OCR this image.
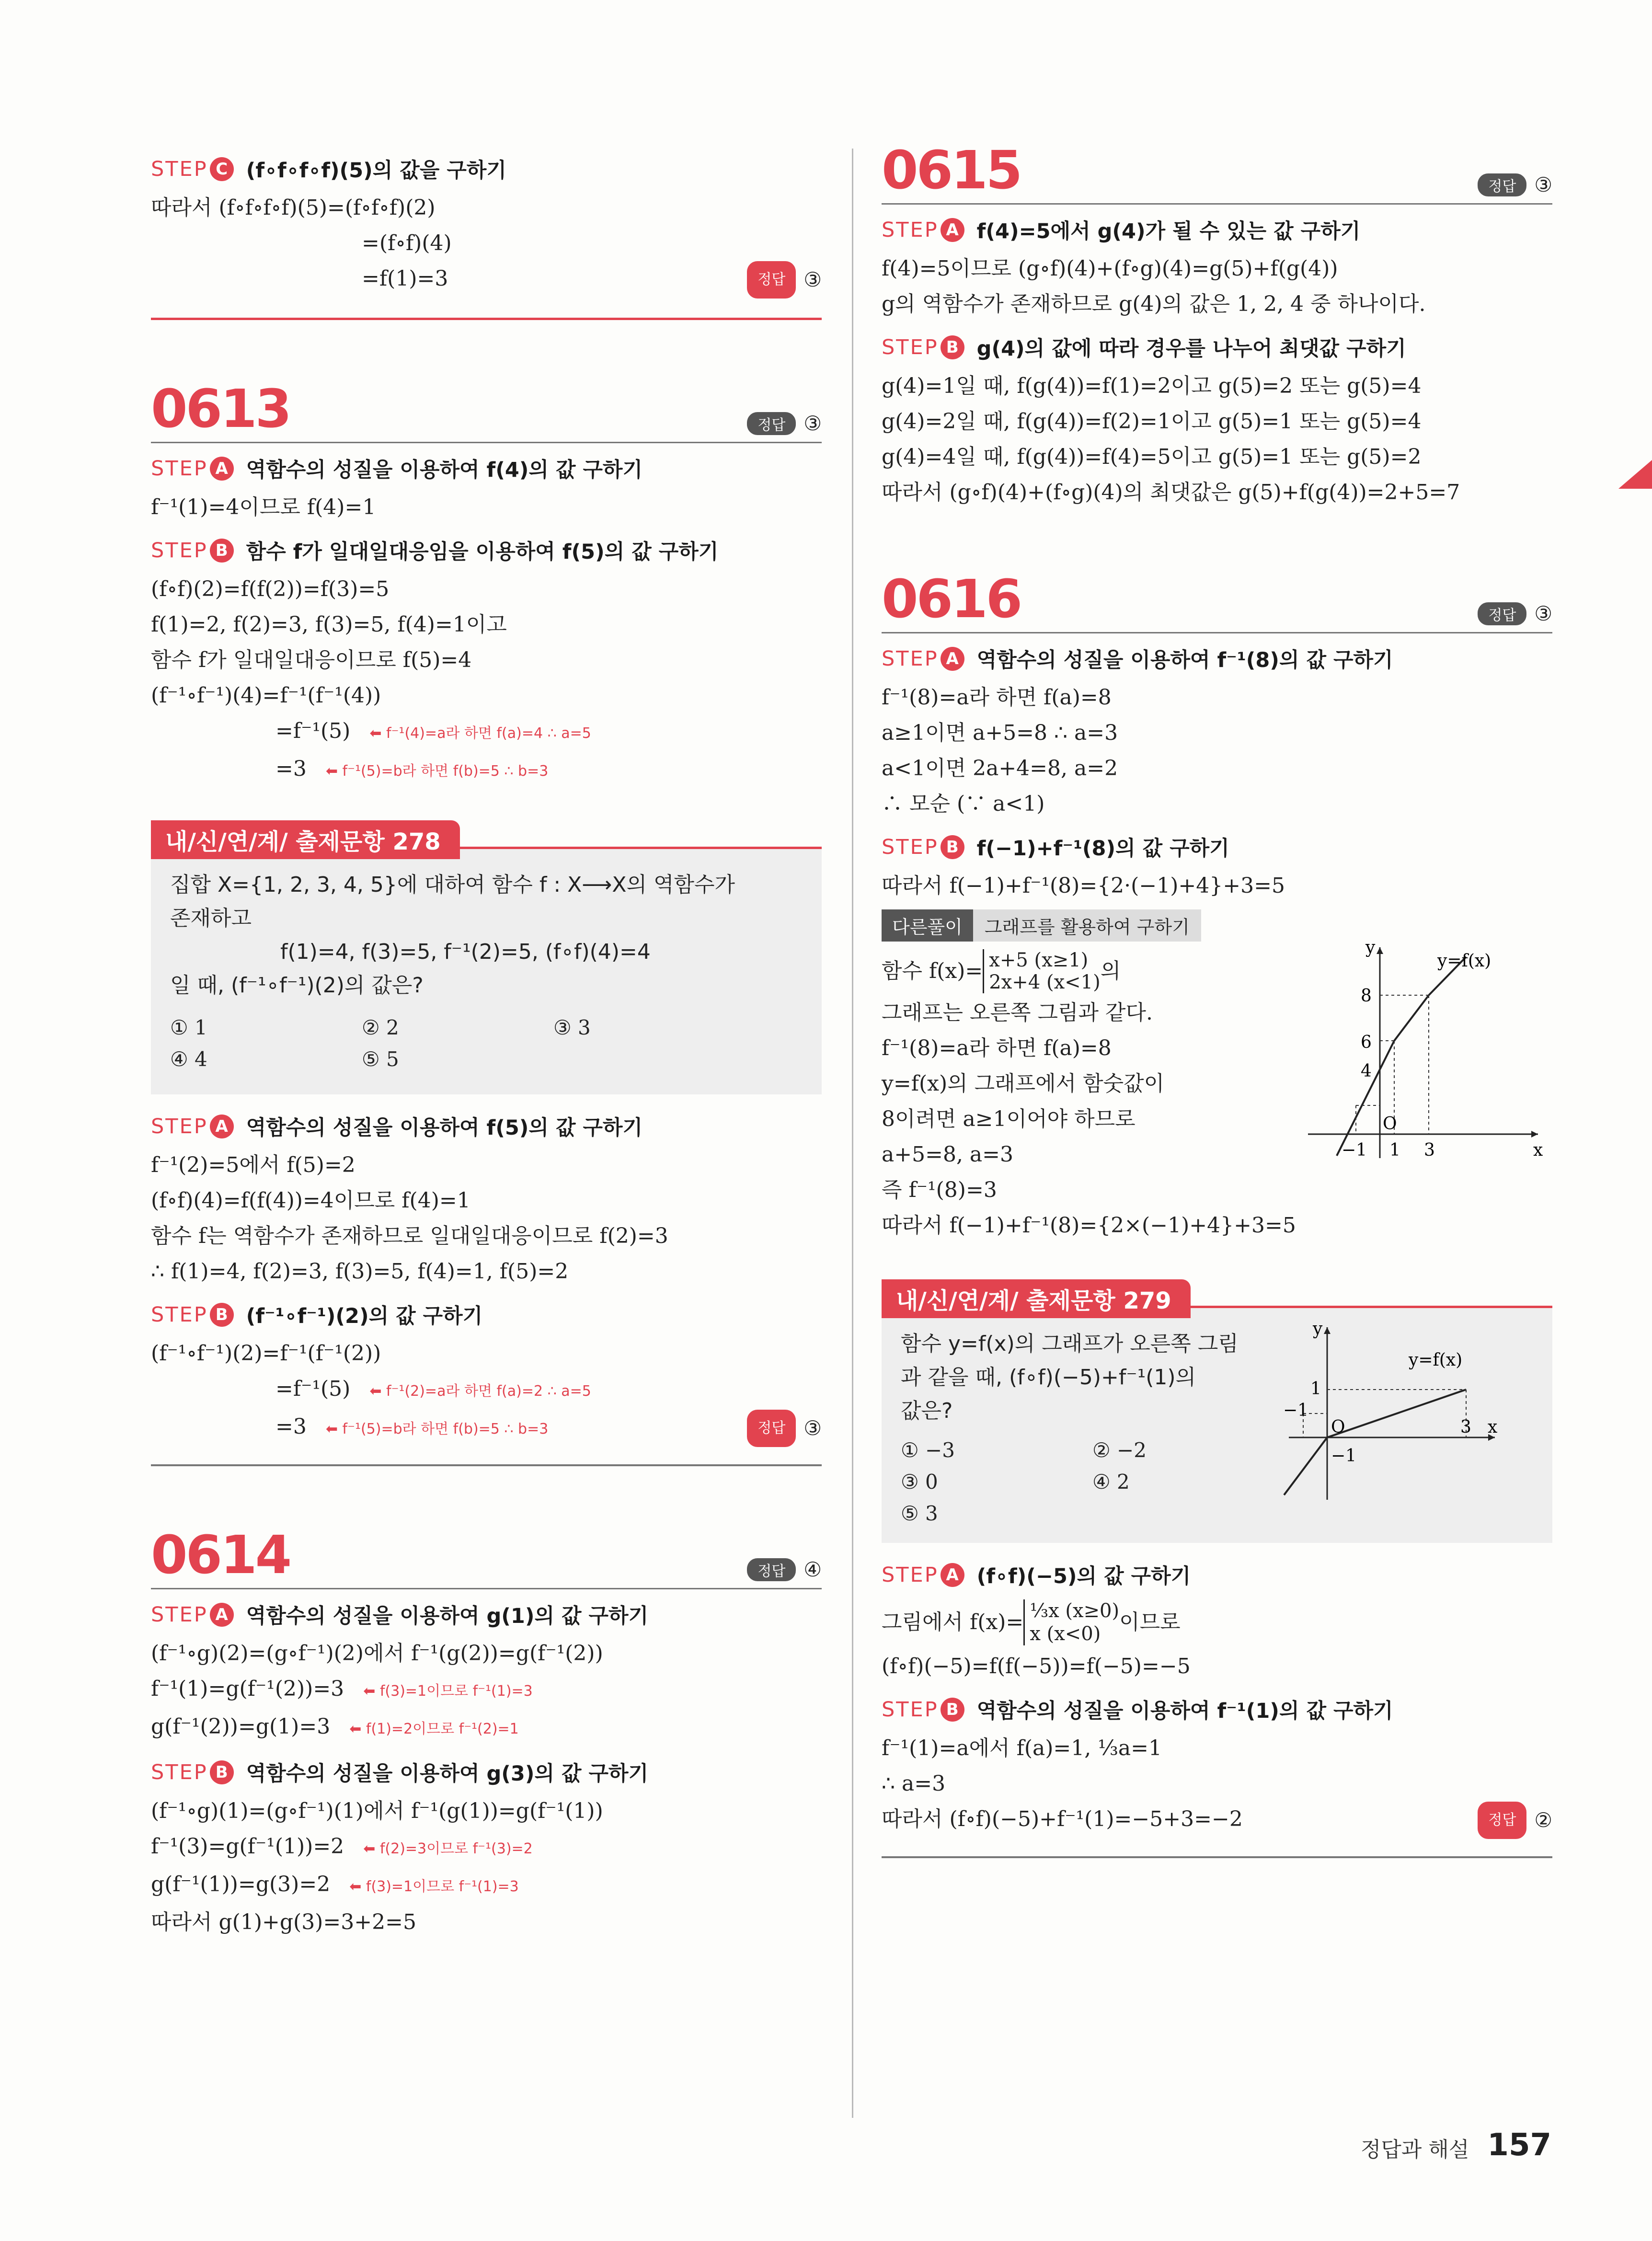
STEP C (f∘f∘f∘f)(5)의 값을 구하기
따라서 (f∘f∘f∘f)(5)=(f∘f∘f)(2)
=(f∘f)(4)
=f(1)=3	정답 ③
0613	정답 ③
STEP A 역함수의 성질을 이용하여 f(4)의 값 구하기
f⁻¹(1)=4이므로 f(4)=1
STEP B 함수 f가 일대일대응임을 이용하여 f(5)의 값 구하기
(f∘f)(2)=f(f(2))=f(3)=5
f(1)=2, f(2)=3, f(3)=5, f(4)=1이고
함수 f가 일대일대응이므로 f(5)=4
(f⁻¹∘f⁻¹)(4)=f⁻¹(f⁻¹(4))
=f⁻¹(5) ⬅ f⁻¹(4)=a라 하면 f(a)=4 ∴ a=5
=3 ⬅ f⁻¹(5)=b라 하면 f(b)=5 ∴ b=3
내/신/연/계/ 출제문항 278
집합 X={1, 2, 3, 4, 5}에 대하여 함수 f : X⟶X의 역함수가
존재하고
f(1)=4, f(3)=5, f⁻¹(2)=5, (f∘f)(4)=4
일 때, (f⁻¹∘f⁻¹)(2)의 값은?
① 1	② 2	③ 3
④ 4	⑤ 5
STEP A 역함수의 성질을 이용하여 f(5)의 값 구하기
f⁻¹(2)=5에서 f(5)=2
(f∘f)(4)=f(f(4))=4이므로 f(4)=1
함수 f는 역함수가 존재하므로 일대일대응이므로 f(2)=3
∴ f(1)=4, f(2)=3, f(3)=5, f(4)=1, f(5)=2
STEP B (f⁻¹∘f⁻¹)(2)의 값 구하기
(f⁻¹∘f⁻¹)(2)=f⁻¹(f⁻¹(2))
=f⁻¹(5) ⬅ f⁻¹(2)=a라 하면 f(a)=2 ∴ a=5
=3 ⬅ f⁻¹(5)=b라 하면 f(b)=5 ∴ b=3	정답 ③
0614	정답 ④
STEP A 역함수의 성질을 이용하여 g(1)의 값 구하기
(f⁻¹∘g)(2)=(g∘f⁻¹)(2)에서 f⁻¹(g(2))=g(f⁻¹(2))
f⁻¹(1)=g(f⁻¹(2))=3 ⬅ f(3)=1이므로 f⁻¹(1)=3
g(f⁻¹(2))=g(1)=3 ⬅ f(1)=2이므로 f⁻¹(2)=1
STEP B 역함수의 성질을 이용하여 g(3)의 값 구하기
(f⁻¹∘g)(1)=(g∘f⁻¹)(1)에서 f⁻¹(g(1))=g(f⁻¹(1))
f⁻¹(3)=g(f⁻¹(1))=2 ⬅ f(2)=3이므로 f⁻¹(3)=2
g(f⁻¹(1))=g(3)=2 ⬅ f(3)=1이므로 f⁻¹(1)=3
따라서 g(1)+g(3)=3+2=5
0615	정답 ③
STEP A f(4)=5에서 g(4)가 될 수 있는 값 구하기
f(4)=5이므로 (g∘f)(4)+(f∘g)(4)=g(5)+f(g(4))
g의 역함수가 존재하므로 g(4)의 값은 1, 2, 4 중 하나이다.
STEP B g(4)의 값에 따라 경우를 나누어 최댓값 구하기
g(4)=1일 때, f(g(4))=f(1)=2이고 g(5)=2 또는 g(5)=4
g(4)=2일 때, f(g(4))=f(2)=1이고 g(5)=1 또는 g(5)=4
g(4)=4일 때, f(g(4))=f(4)=5이고 g(5)=1 또는 g(5)=2
따라서 (g∘f)(4)+(f∘g)(4)의 최댓값은 g(5)+f(g(4))=2+5=7
0616	정답 ③
STEP A 역함수의 성질을 이용하여 f⁻¹(8)의 값 구하기
f⁻¹(8)=a라 하면 f(a)=8
a≥1이면 a+5=8 ∴ a=3
a<1이면 2a+4=8, a=2
∴ 모순 (∵ a<1)
STEP B f(−1)+f⁻¹(8)의 값 구하기
따라서 f(−1)+f⁻¹(8)={2·(−1)+4}+3=5
다른풀이	그래프를 활용하여 구하기
함수 f(x)= x+5 (x≥1)
2x+4 (x<1) 의
그래프는 오른쪽 그림과 같다.
f⁻¹(8)=a라 하면 f(a)=8
y=f(x)의 그래프에서 함숫값이
8이려면 a≥1이어야 하므로
a+5=8, a=3
즉 f⁻¹(8)=3
따라서 f(−1)+f⁻¹(8)={2×(−1)+4}+3=5
y
x
y=f(x)
8
6
4
O
−1 1 3
내/신/연/계/ 출제문항 279
함수 y=f(x)의 그래프가 오른쪽 그림
과 같을 때, (f∘f)(−5)+f⁻¹(1)의
값은?
① −3	② −2
③ 0	④ 2
⑤ 3
y
x
y=f(x)
1
−1
O	3
−1
STEP A (f∘f)(−5)의 값 구하기
그림에서 f(x)= ⅓x (x≥0)
x (x<0) 이므로
(f∘f)(−5)=f(f(−5))=f(−5)=−5
STEP B 역함수의 성질을 이용하여 f⁻¹(1)의 값 구하기
f⁻¹(1)=a에서 f(a)=1, ⅓a=1
∴ a=3
따라서 (f∘f)(−5)+f⁻¹(1)=−5+3=−2	정답 ②
정답과 해설 157
